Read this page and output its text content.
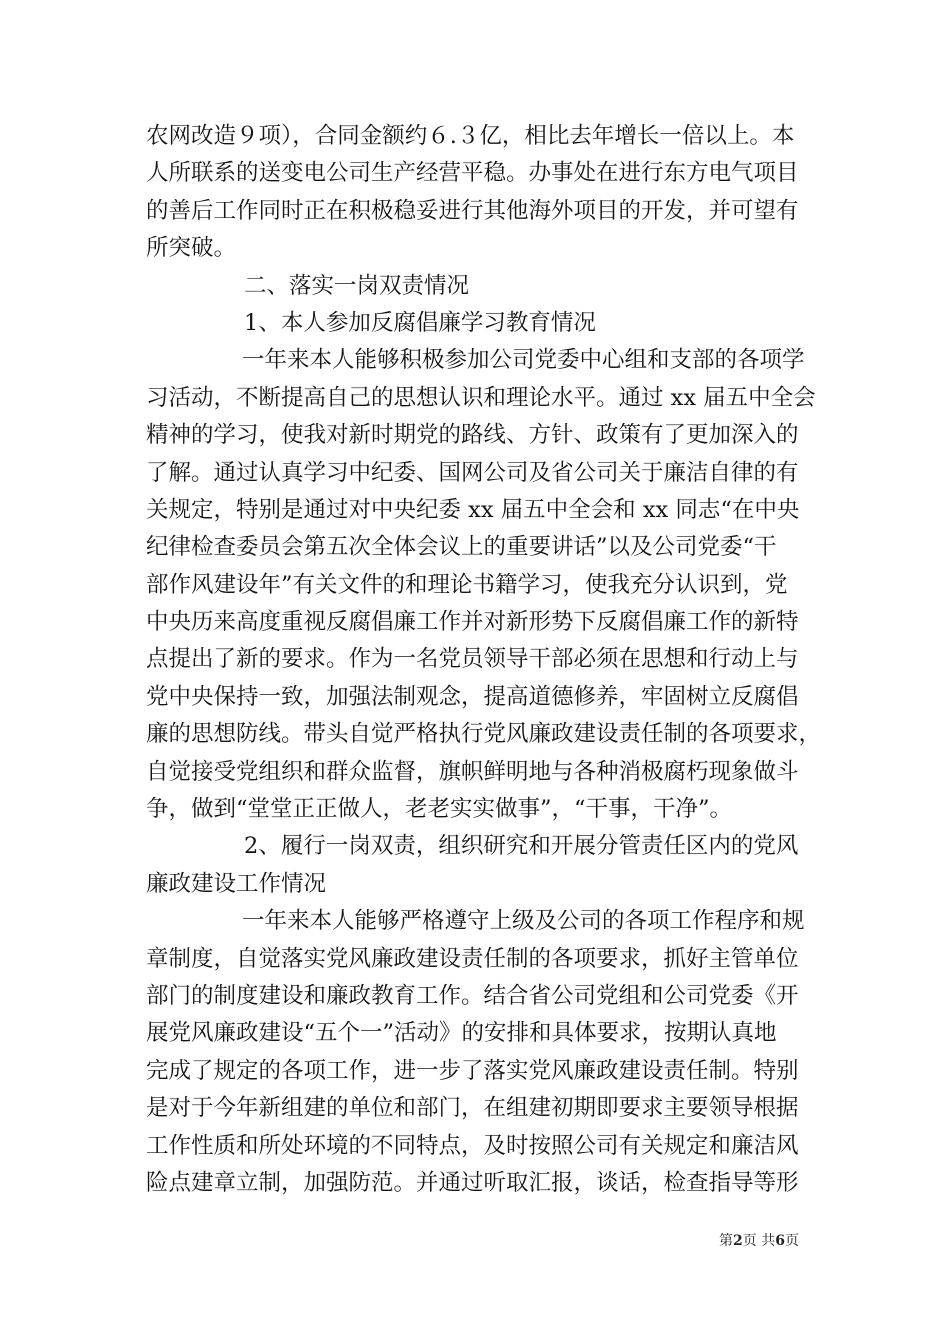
农网改造９项），合同金额约６.３亿，相比去年增长一倍以上。本
人所联系的送变电公司生产经营平稳。办事处在进行东方电气项目
的善后工作同时正在积极稳妥进行其他海外项目的开发，并可望有
所突破。
二、落实一岗双责情况
1、本人参加反腐倡廉学习教育情况
一年来本人能够积极参加公司党委中心组和支部的各项学
习活动，不断提高自己的思想认识和理论水平。通过 xx 届五中全会
精神的学习，使我对新时期党的路线、方针、政策有了更加深入的
了解。通过认真学习中纪委、国网公司及省公司关于廉洁自律的有
关规定，特别是通过对中央纪委 xx 届五中全会和 xx 同志“在中央
纪律检查委员会第五次全体会议上的重要讲话”以及公司党委“干
部作风建设年”有关文件的和理论书籍学习，使我充分认识到，党
中央历来高度重视反腐倡廉工作并对新形势下反腐倡廉工作的新特
点提出了新的要求。作为一名党员领导干部必须在思想和行动上与
党中央保持一致，加强法制观念，提高道德修养，牢固树立反腐倡
廉的思想防线。带头自觉严格执行党风廉政建设责任制的各项要求，
自觉接受党组织和群众监督，旗帜鲜明地与各种消极腐朽现象做斗
争，做到“堂堂正正做人，老老实实做事”，“干事，干净”。
2、履行一岗双责，组织研究和开展分管责任区内的党风
廉政建设工作情况
一年来本人能够严格遵守上级及公司的各项工作程序和规
章制度，自觉落实党风廉政建设责任制的各项要求，抓好主管单位
部门的制度建设和廉政教育工作。结合省公司党组和公司党委《开
展党风廉政建设“五个一”活动》的安排和具体要求，按期认真地
完成了规定的各项工作，进一步了落实党风廉政建设责任制。特别
是对于今年新组建的单位和部门，在组建初期即要求主要领导根据
工作性质和所处环境的不同特点，及时按照公司有关规定和廉洁风
险点建章立制，加强防范。并通过听取汇报，谈话，检查指导等形
第2页 共6页
